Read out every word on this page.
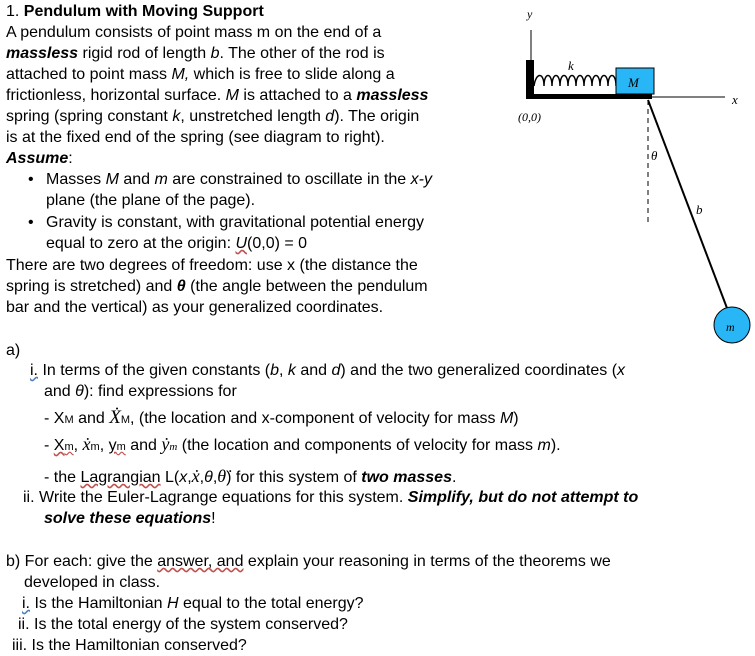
1. Pendulum with Moving Support
A pendulum consists of point mass m on the end of a
massless rigid rod of length b. The other of the rod is
attached to point mass M, which is free to slide along a
frictionless, horizontal surface. M is attached to a massless
spring (spring constant k, unstretched length d). The origin
is at the fixed end of the spring (see diagram to right).
Assume:
• Masses M and m are constrained to oscillate in the x-y
plane (the plane of the page).
• Gravity is constant, with gravitational potential energy
equal to zero at the origin: U(0,0) = 0
There are two degrees of freedom: use x (the distance the
spring is stretched) and θ (the angle between the pendulum
bar and the vertical) as your generalized coordinates.
y
x
k
M
(0,0)
θ
b
m
a)
i. In terms of the given constants (b, k and d) and the two generalized coordinates (x
and θ): find expressions for
- XM and ẊM, (the location and x-component of velocity for mass M)
- Xm, ẋm, ym and ẏm (the location and components of velocity for mass m).
- the Lagrangian L(x,ẋ,θ,θ̇) for this system of two masses.
ii. Write the Euler-Lagrange equations for this system. Simplify, but do not attempt to
solve these equations!
b) For each: give the answer, and explain your reasoning in terms of the theorems we
developed in class.
i. Is the Hamiltonian H equal to the total energy?
ii. Is the total energy of the system conserved?
iii. Is the Hamiltonian conserved?
